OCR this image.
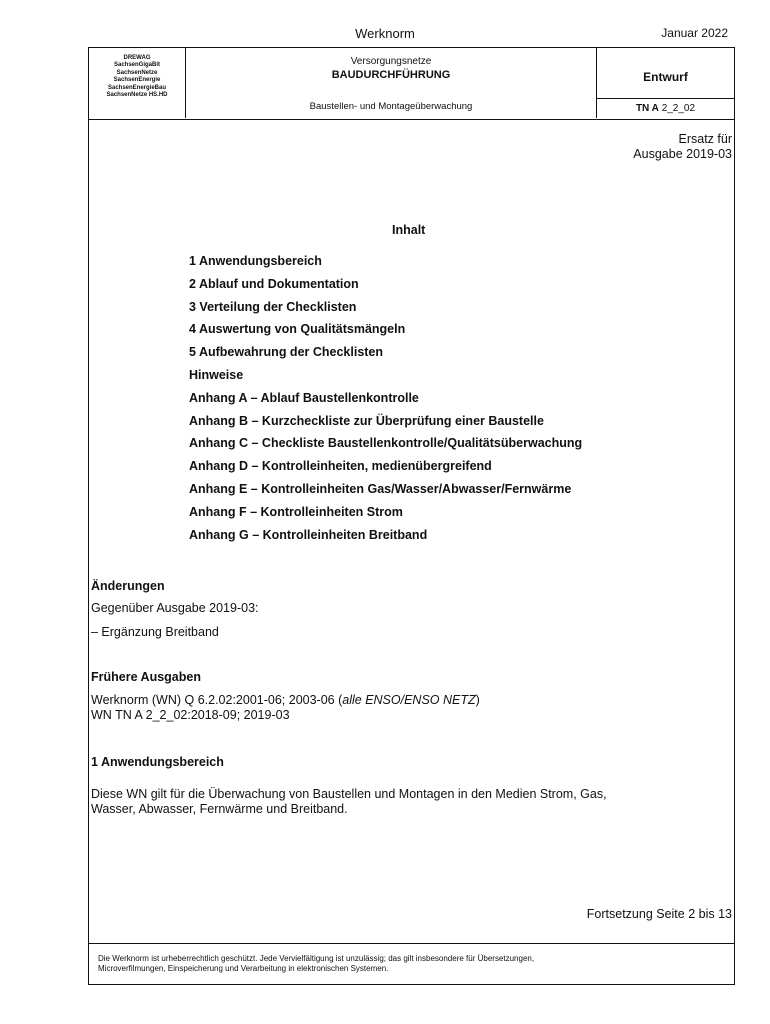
Werknorm	Januar 2022
DREWAG
SachsenGigaBit
SachsenNetze
SachsenEnergie
SachsenEnergieBau
SachsenNetze HS.HD
Versorgungsnetze
BAUDURCHFÜHRUNG
Baustellen- und Montageüberwachung
Entwurf
TN A 2_2_02
Ersatz für
Ausgabe 2019-03
Inhalt
1 Anwendungsbereich
2 Ablauf und Dokumentation
3 Verteilung der Checklisten
4 Auswertung von Qualitätsmängeln
5 Aufbewahrung der Checklisten
Hinweise
Anhang A – Ablauf Baustellenkontrolle
Anhang B – Kurzcheckliste zur Überprüfung einer Baustelle
Anhang C – Checkliste Baustellenkontrolle/Qualitätsüberwachung
Anhang D – Kontrolleinheiten, medienübergreifend
Anhang E – Kontrolleinheiten Gas/Wasser/Abwasser/Fernwärme
Anhang F – Kontrolleinheiten Strom
Anhang G – Kontrolleinheiten Breitband
Änderungen
Gegenüber Ausgabe 2019-03:
– Ergänzung Breitband
Frühere Ausgaben
Werknorm (WN) Q 6.2.02:2001-06; 2003-06 (alle ENSO/ENSO NETZ)
WN TN A 2_2_02:2018-09; 2019-03
1 Anwendungsbereich
Diese WN gilt für die Überwachung von Baustellen und Montagen in den Medien Strom, Gas,
Wasser, Abwasser, Fernwärme und Breitband.
Fortsetzung Seite 2 bis 13
Die Werknorm ist urheberrechtlich geschützt. Jede Vervielfältigung ist unzulässig; das gilt insbesondere für Übersetzungen,
Microverfilmungen, Einspeicherung und Verarbeitung in elektronischen Systemen.
